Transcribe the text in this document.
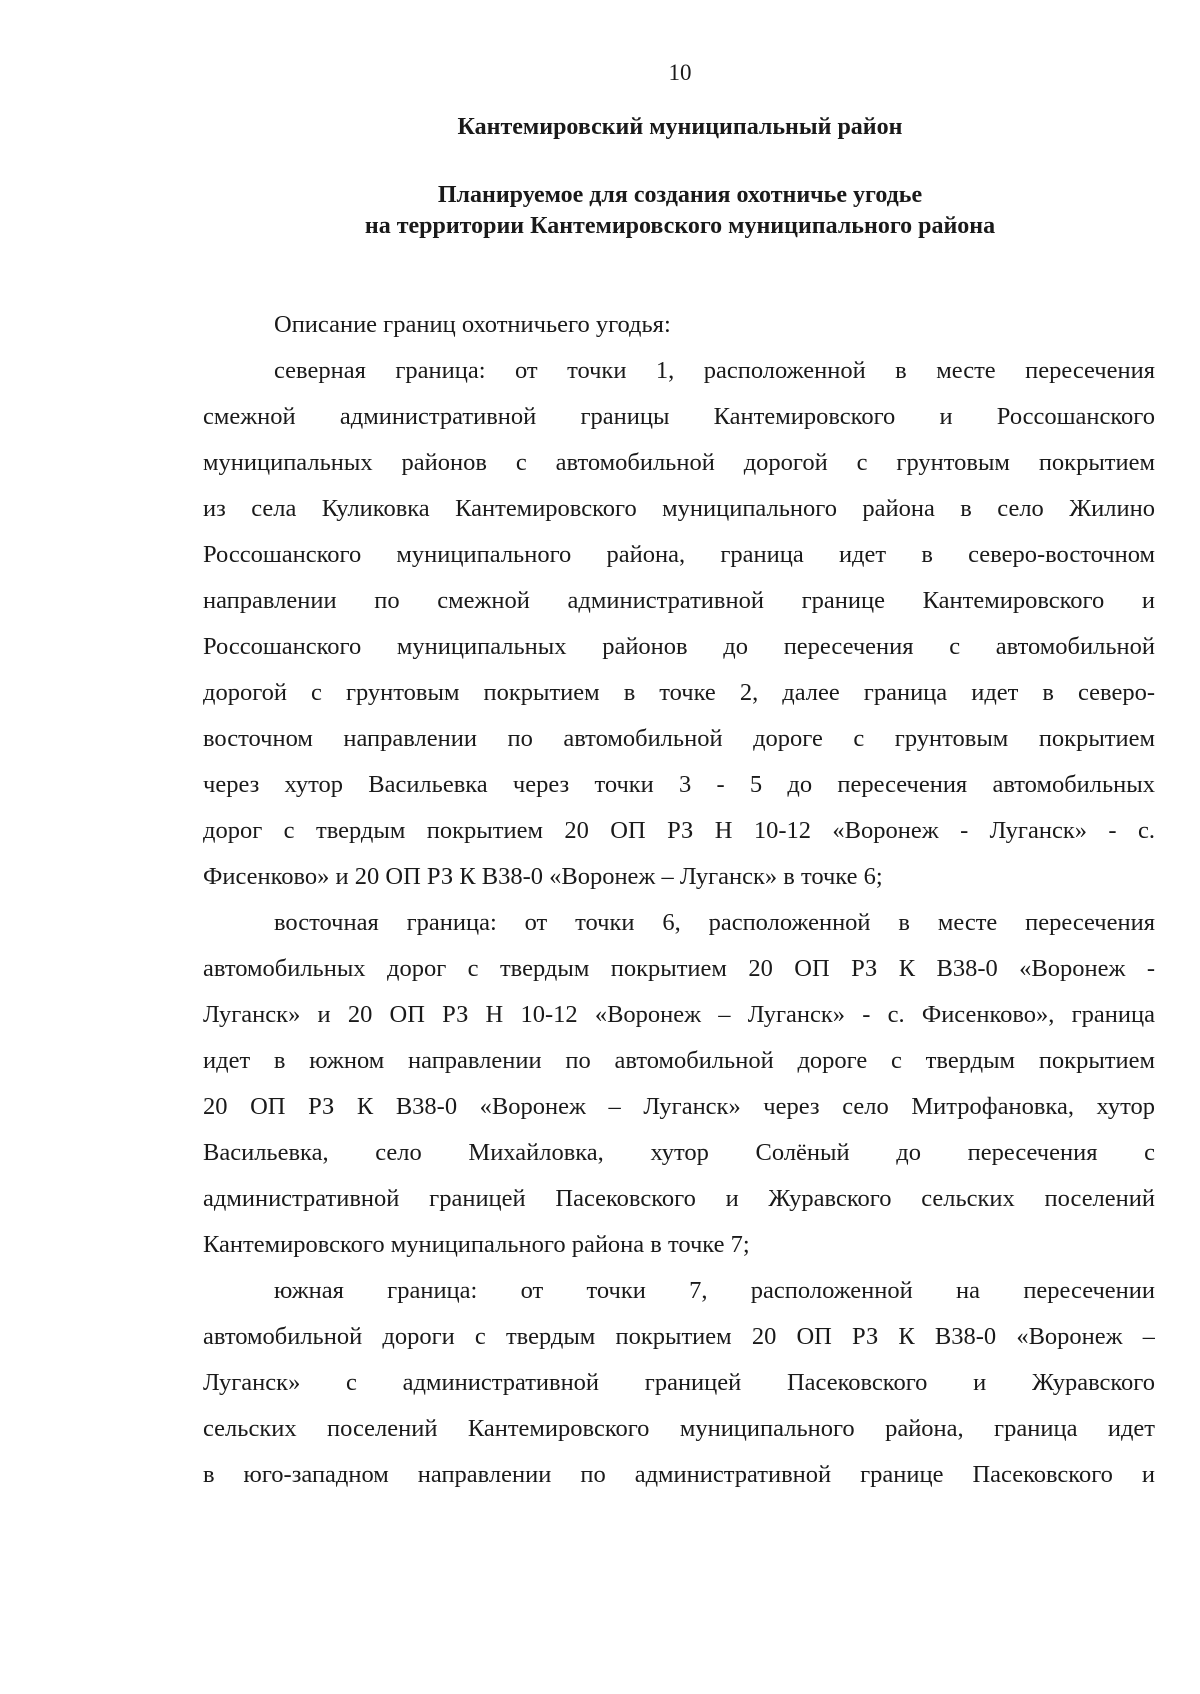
10
Кантемировский муниципальный район
Планируемое для создания охотничье угодье
на территории Кантемировского муниципального района
Описание границ охотничьего угодья:
северная граница: от точки 1, расположенной в месте пересечения
смежной административной границы Кантемировского и Россошанского
муниципальных районов с автомобильной дорогой с грунтовым покрытием
из села Куликовка Кантемировского муниципального района в село Жилино
Россошанского муниципального района, граница идет в северо-восточном
направлении по смежной административной границе Кантемировского и
Россошанского муниципальных районов до пересечения с автомобильной
дорогой с грунтовым покрытием в точке 2, далее граница идет в северо-
восточном направлении по автомобильной дороге с грунтовым покрытием
через хутор Васильевка через точки 3 - 5 до пересечения автомобильных
дорог с твердым покрытием 20 ОП РЗ Н 10-12 «Воронеж - Луганск» - с.
Фисенково» и 20 ОП РЗ К В38-0 «Воронеж – Луганск» в точке 6;
восточная граница: от точки 6, расположенной в месте пересечения
автомобильных дорог с твердым покрытием 20 ОП РЗ К В38-0 «Воронеж -
Луганск» и 20 ОП РЗ Н 10-12 «Воронеж – Луганск» - с. Фисенково», граница
идет в южном направлении по автомобильной дороге с твердым покрытием
20 ОП РЗ К В38-0 «Воронеж – Луганск» через село Митрофановка, хутор
Васильевка, село Михайловка, хутор Солёный до пересечения с
административной границей Пасековского и Журавского сельских поселений
Кантемировского муниципального района в точке 7;
южная граница: от точки 7, расположенной на пересечении
автомобильной дороги с твердым покрытием 20 ОП РЗ К В38-0 «Воронеж –
Луганск» с административной границей Пасековского и Журавского
сельских поселений Кантемировского муниципального района, граница идет
в юго-западном направлении по административной границе Пасековского и
